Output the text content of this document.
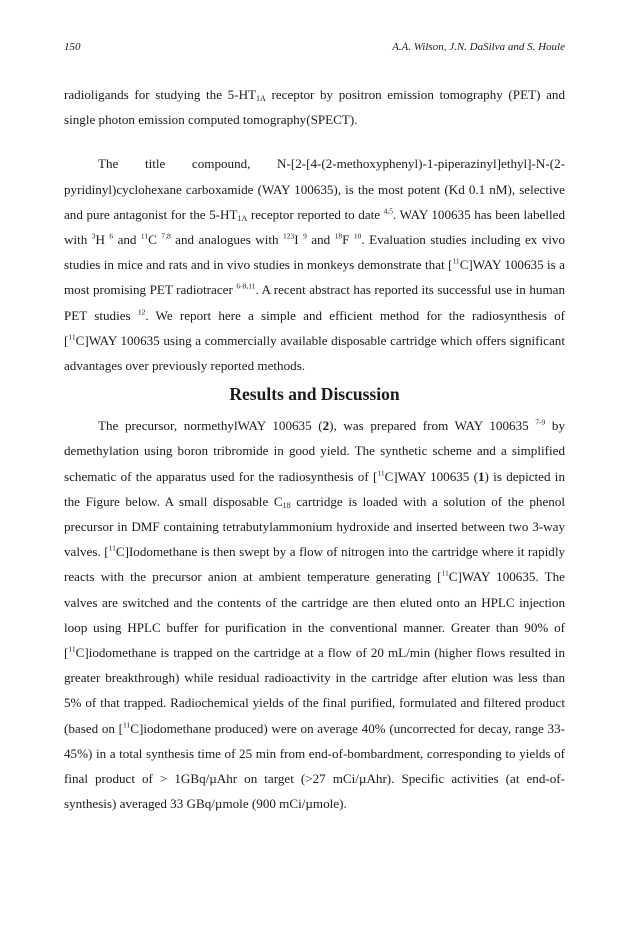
150	A.A. Wilson, J.N. DaSilva and S. Houle

radioligands for studying the $5-HT_{1A}$ receptor by positron emission tomography (PET) and single photon emission computed tomography(SPECT).

The title compound, N-[2-[4-(2-methoxyphenyl)-1-piperazinyl]ethyl]-N-(2-pyridinyl)cyclohexane carboxamide (WAY 100635), is the most potent (Kd 0.1 nM), selective and pure antagonist for the $5-HT_{1A}$ receptor reported to date $^{4,5}$. WAY 100635 has been labelled with $^3$H $^6$ and $^{11}$C $^{7,8}$ and analogues with $^{123}$I $^9$ and $^{18}$F $^{10}$. Evaluation studies including ex vivo studies in mice and rats and in vivo studies in monkeys demonstrate that [$^{11}$C]WAY 100635 is a most promising PET radiotracer $^{6-8,11}$. A recent abstract has reported its successful use in human PET studies $^{12}$. We report here a simple and efficient method for the radiosynthesis of [$^{11}$C]WAY 100635 using a commercially available disposable cartridge which offers significant advantages over previously reported methods.

Results and Discussion

The precursor, normethylWAY 100635 (2), was prepared from WAY 100635 $^{7-9}$ by demethylation using boron tribromide in good yield. The synthetic scheme and a simplified schematic of the apparatus used for the radiosynthesis of [$^{11}$C]WAY 100635 (1) is depicted in the Figure below. A small disposable $C_{18}$ cartridge is loaded with a solution of the phenol precursor in DMF containing tetrabutylammonium hydroxide and inserted between two 3-way valves. [$^{11}$C]Iodomethane is then swept by a flow of nitrogen into the cartridge where it rapidly reacts with the precursor anion at ambient temperature generating [$^{11}$C]WAY 100635. The valves are switched and the contents of the cartridge are then eluted onto an HPLC injection loop using HPLC buffer for purification in the conventional manner. Greater than 90% of [$^{11}$C]iodomethane is trapped on the cartridge at a flow of 20 mL/min (higher flows resulted in greater breakthrough) while residual radioactivity in the cartridge after elution was less than 5% of that trapped. Radiochemical yields of the final purified, formulated and filtered product (based on [$^{11}$C]iodomethane produced) were on average 40% (uncorrected for decay, range 33-45%) in a total synthesis time of 25 min from end-of-bombardment, corresponding to yields of final product of > 1GBq/µAhr on target (>27 mCi/µAhr). Specific activities (at end-of-synthesis) averaged 33 GBq/µmole (900 mCi/µmole).
